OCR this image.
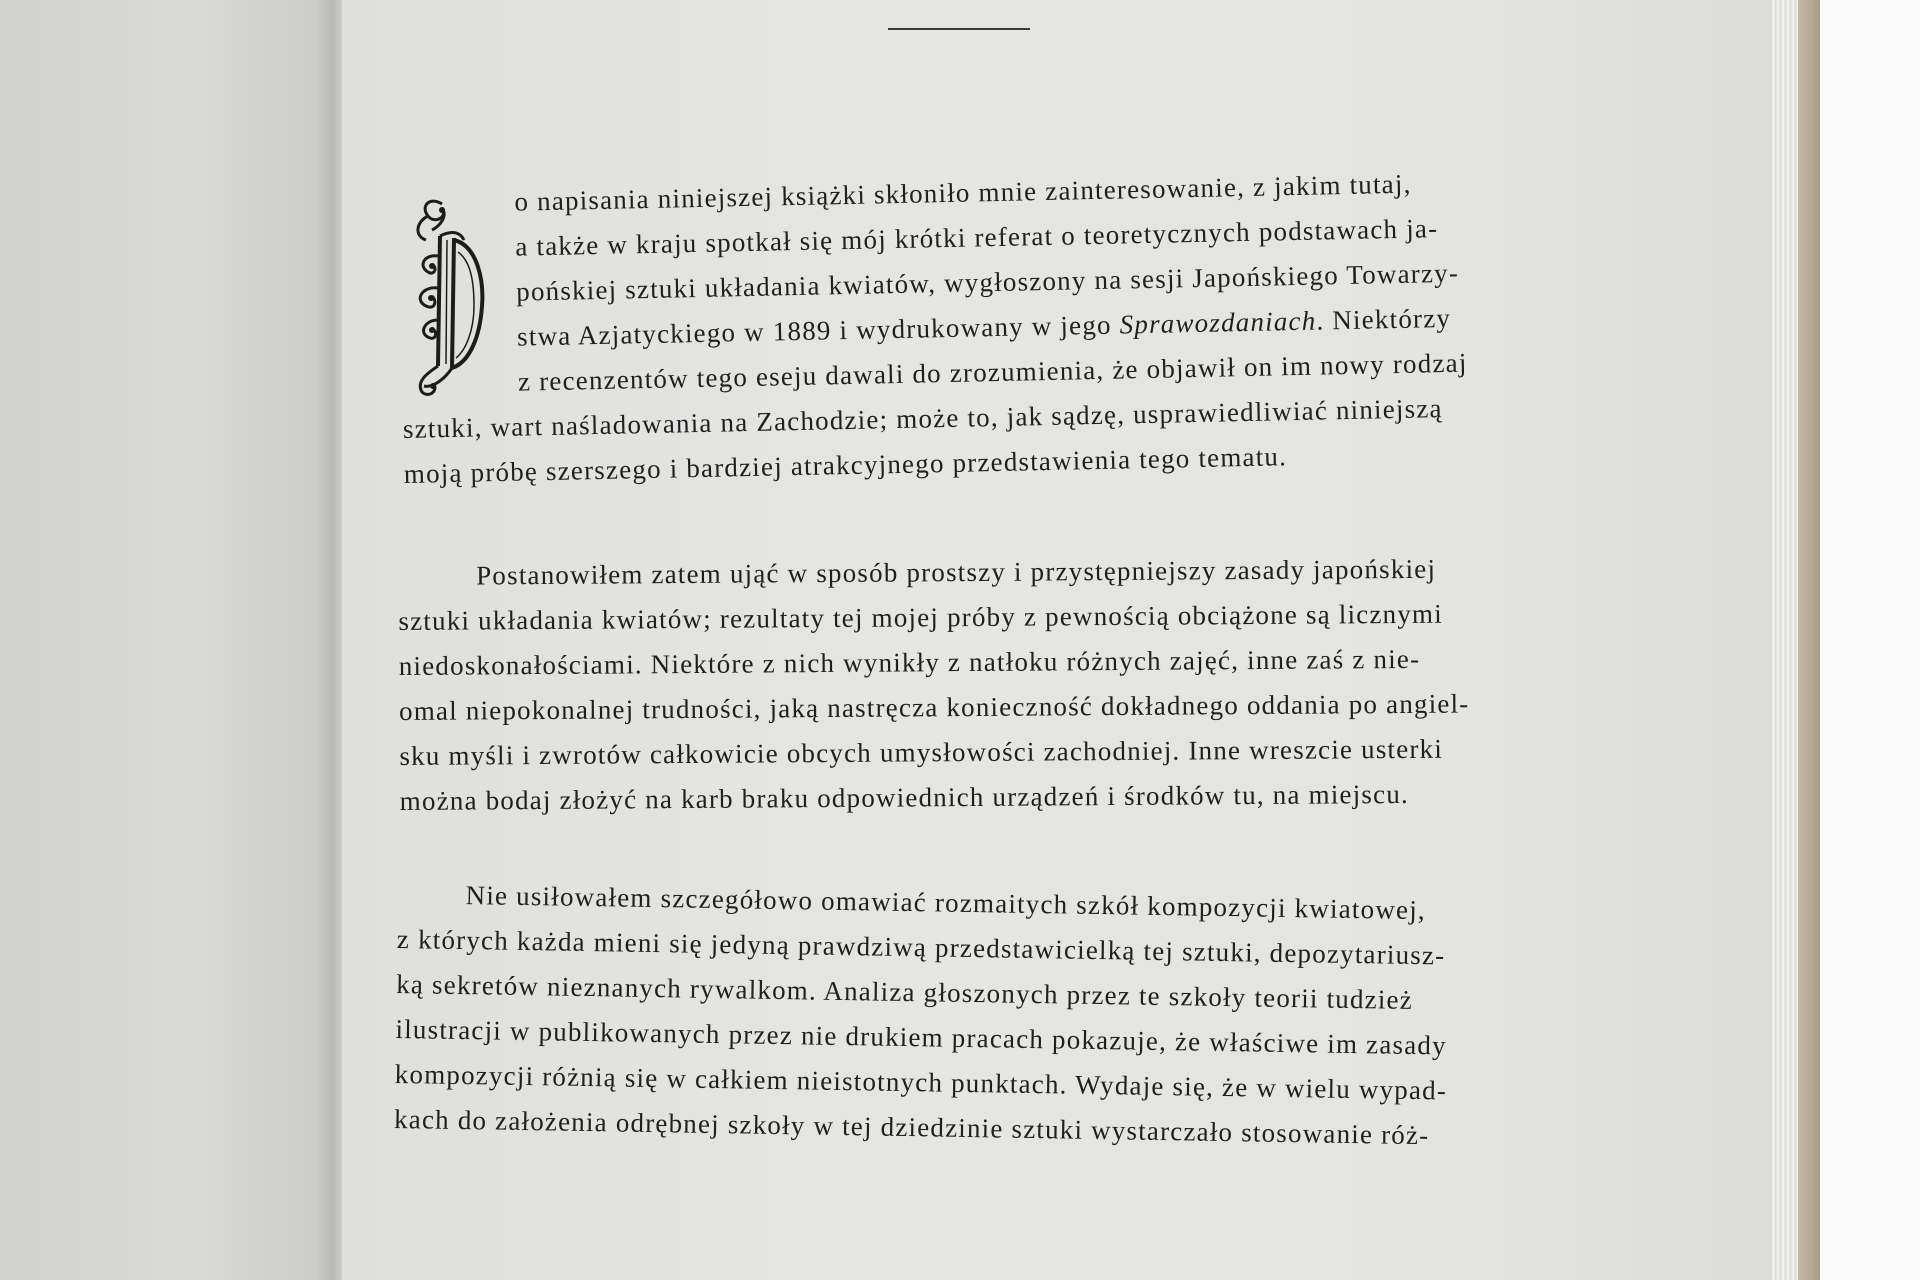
o napisania niniejszej książki skłoniło mnie zainteresowanie, z jakim tutaj,
a także w kraju spotkał się mój krótki referat o teoretycznych podstawach ja-
pońskiej sztuki układania kwiatów, wygłoszony na sesji Japońskiego Towarzy-
stwa Azjatyckiego w 1889 i wydrukowany w jego Sprawozdaniach. Niektórzy
z recenzentów tego eseju dawali do zrozumienia, że objawił on im nowy rodzaj
sztuki, wart naśladowania na Zachodzie; może to, jak sądzę, usprawiedliwiać niniejszą
moją próbę szerszego i bardziej atrakcyjnego przedstawienia tego tematu.
Postanowiłem zatem ująć w sposób prostszy i przystępniejszy zasady japońskiej
sztuki układania kwiatów; rezultaty tej mojej próby z pewnością obciążone są licznymi
niedoskonałościami. Niektóre z nich wynikły z natłoku różnych zajęć, inne zaś z nie-
omal niepokonalnej trudności, jaką nastręcza konieczność dokładnego oddania po angiel-
sku myśli i zwrotów całkowicie obcych umysłowości zachodniej. Inne wreszcie usterki
można bodaj złożyć na karb braku odpowiednich urządzeń i środków tu, na miejscu.
Nie usiłowałem szczegółowo omawiać rozmaitych szkół kompozycji kwiatowej,
z których każda mieni się jedyną prawdziwą przedstawicielką tej sztuki, depozytariusz-
ką sekretów nieznanych rywalkom. Analiza głoszonych przez te szkoły teorii tudzież
ilustracji w publikowanych przez nie drukiem pracach pokazuje, że właściwe im zasady
kompozycji różnią się w całkiem nieistotnych punktach. Wydaje się, że w wielu wypad-
kach do założenia odrębnej szkoły w tej dziedzinie sztuki wystarczało stosowanie róż-
